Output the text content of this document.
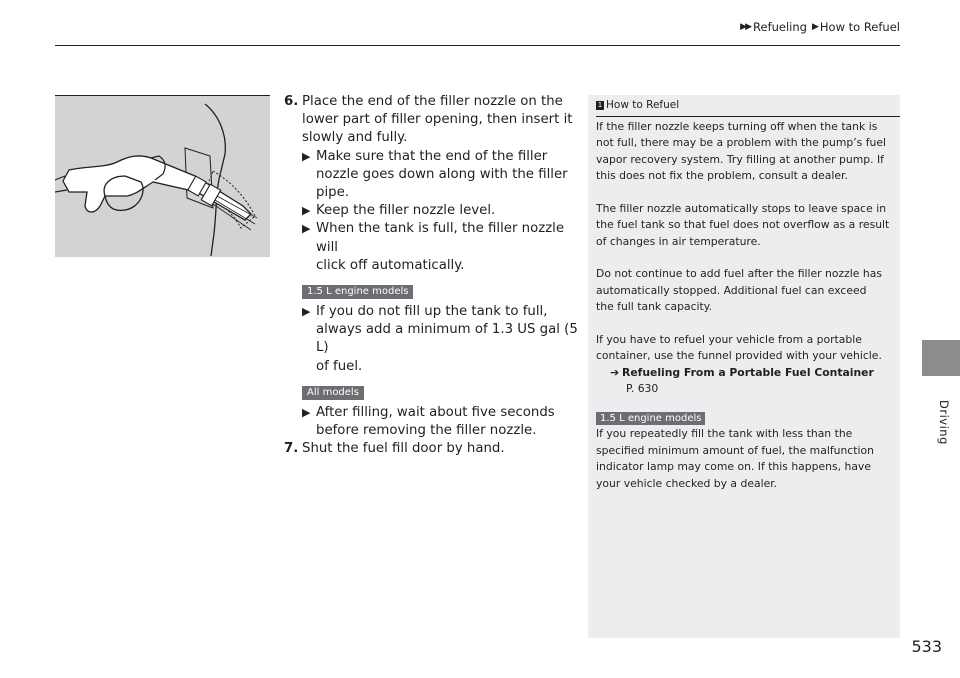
▶▶ Refueling ▶ How to Refuel
Driving
6. Place the end of the filler nozzle on the
lower part of filler opening, then insert it
slowly and fully.
▶ Make sure that the end of the filler
nozzle goes down along with the filler
pipe.
▶ Keep the filler nozzle level.
▶ When the tank is full, the filler nozzle will
click off automatically.
1.5 L engine models
▶ If you do not fill up the tank to full,
always add a minimum of 1.3 US gal (5 L)
of fuel.
All models
▶ After filling, wait about five seconds
before removing the filler nozzle.
7. Shut the fuel fill door by hand.
1 How to Refuel
If the filler nozzle keeps turning off when the tank is
not full, there may be a problem with the pump’s fuel
vapor recovery system. Try filling at another pump. If
this does not fix the problem, consult a dealer.
The filler nozzle automatically stops to leave space in
the fuel tank so that fuel does not overflow as a result
of changes in air temperature.
Do not continue to add fuel after the filler nozzle has
automatically stopped. Additional fuel can exceed
the full tank capacity.
If you have to refuel your vehicle from a portable
container, use the funnel provided with your vehicle.
➔ Refueling From a Portable Fuel Container
P. 630
1.5 L engine models
If you repeatedly fill the tank with less than the
specified minimum amount of fuel, the malfunction
indicator lamp may come on. If this happens, have
your vehicle checked by a dealer.
533
